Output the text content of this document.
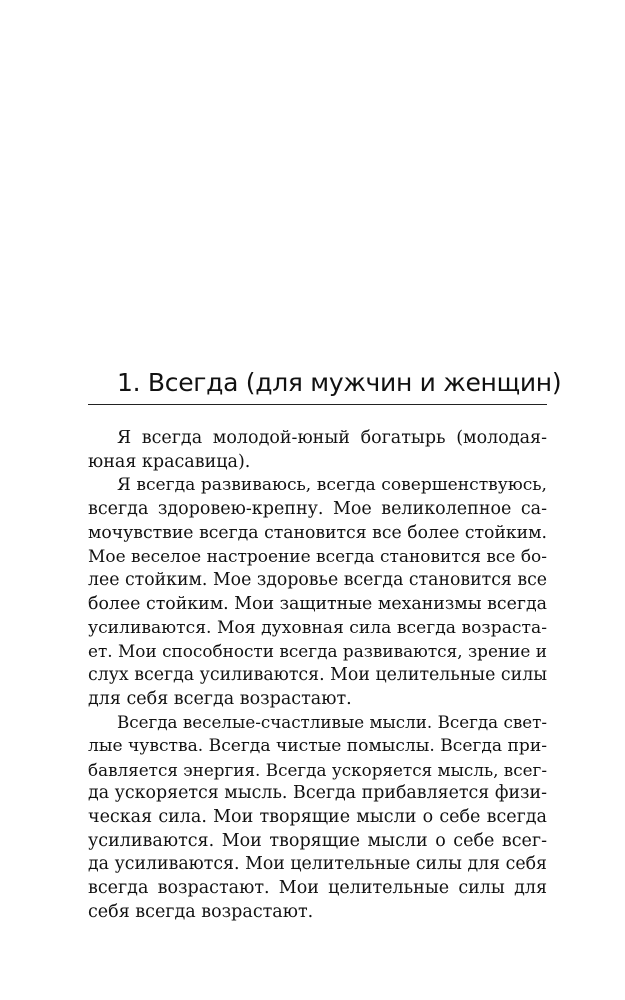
1. Всегда (для мужчин и женщин)
Я всегда молодой-юный богатырь (молодая-
юная красавица).
Я всегда развиваюсь, всегда совершенствуюсь,
всегда здоровею-крепну. Мое великолепное са-
мочувствие всегда становится все более стойким.
Мое веселое настроение всегда становится все бо-
лее стойким. Мое здоровье всегда становится все
более стойким. Мои защитные механизмы всегда
усиливаются. Моя духовная сила всегда возраста-
ет. Мои способности всегда развиваются, зрение и
слух всегда усиливаются. Мои целительные силы
для себя всегда возрастают.
Всегда веселые-счастливые мысли. Всегда свет-
лые чувства. Всегда чистые помыслы. Всегда при-
бавляется энергия. Всегда ускоряется мысль, всег-
да ускоряется мысль. Всегда прибавляется физи-
ческая сила. Мои творящие мысли о себе всегда
усиливаются. Мои творящие мысли о себе всег-
да усиливаются. Мои целительные силы для себя
всегда возрастают. Мои целительные силы для
себя всегда возрастают.
